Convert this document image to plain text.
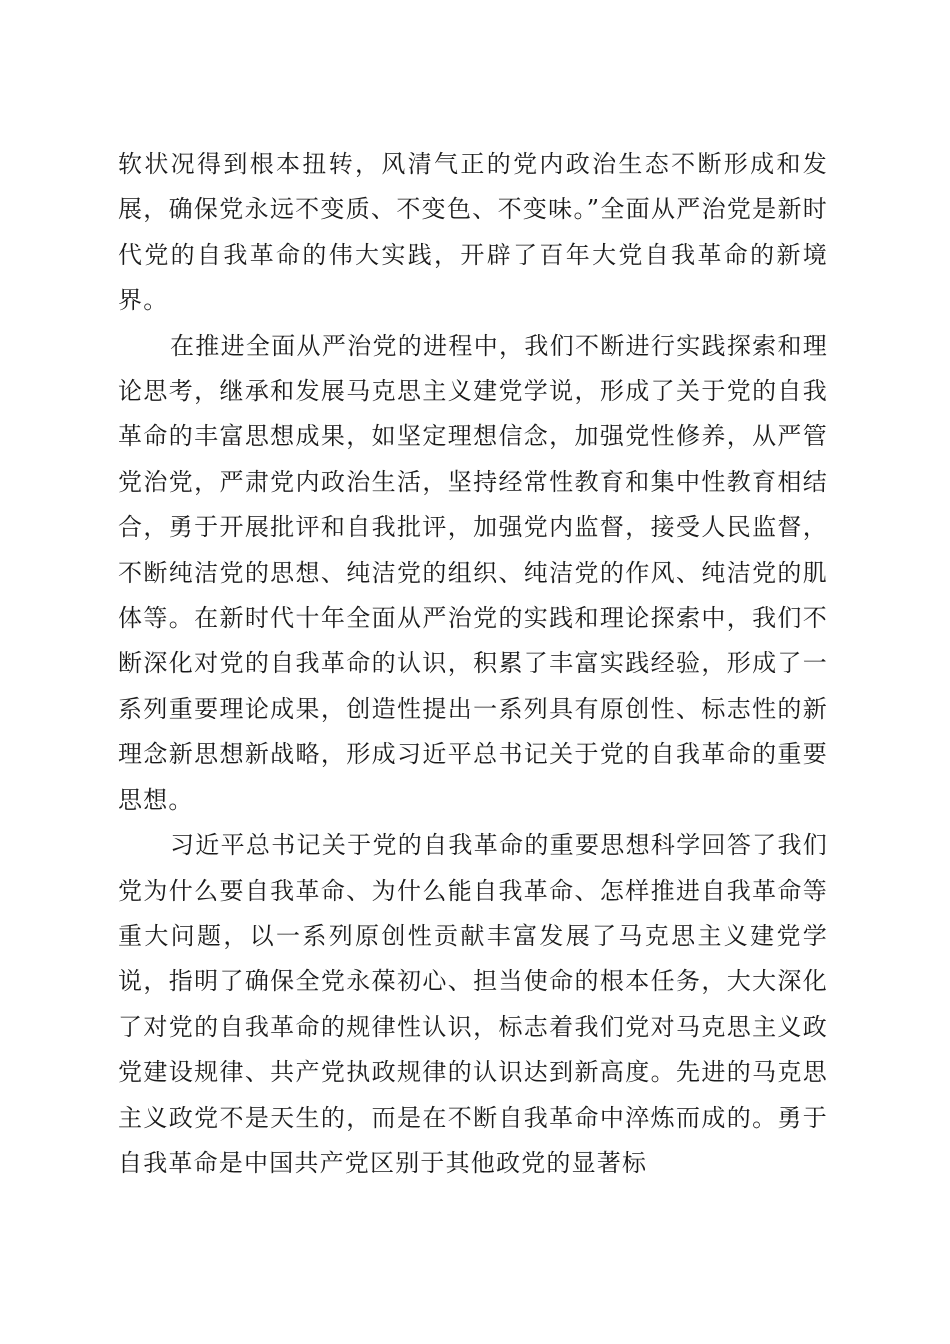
软状况得到根本扭转，风清气正的党内政治生态不断形成和发展，确保党永远不变质、不变色、不变味。”全面从严治党是新时代党的自我革命的伟大实践，开辟了百年大党自我革命的新境界。

在推进全面从严治党的进程中，我们不断进行实践探索和理论思考，继承和发展马克思主义建党学说，形成了关于党的自我革命的丰富思想成果，如坚定理想信念，加强党性修养，从严管党治党，严肃党内政治生活，坚持经常性教育和集中性教育相结合，勇于开展批评和自我批评，加强党内监督，接受人民监督，不断纯洁党的思想、纯洁党的组织、纯洁党的作风、纯洁党的肌体等。在新时代十年全面从严治党的实践和理论探索中，我们不断深化对党的自我革命的认识，积累了丰富实践经验，形成了一系列重要理论成果，创造性提出一系列具有原创性、标志性的新理念新思想新战略，形成习近平总书记关于党的自我革命的重要思想。

习近平总书记关于党的自我革命的重要思想科学回答了我们党为什么要自我革命、为什么能自我革命、怎样推进自我革命等重大问题，以一系列原创性贡献丰富发展了马克思主义建党学说，指明了确保全党永葆初心、担当使命的根本任务，大大深化了对党的自我革命的规律性认识，标志着我们党对马克思主义政党建设规律、共产党执政规律的认识达到新高度。先进的马克思主义政党不是天生的，而是在不断自我革命中淬炼而成的。勇于自我革命是中国共产党区别于其他政党的显著标
